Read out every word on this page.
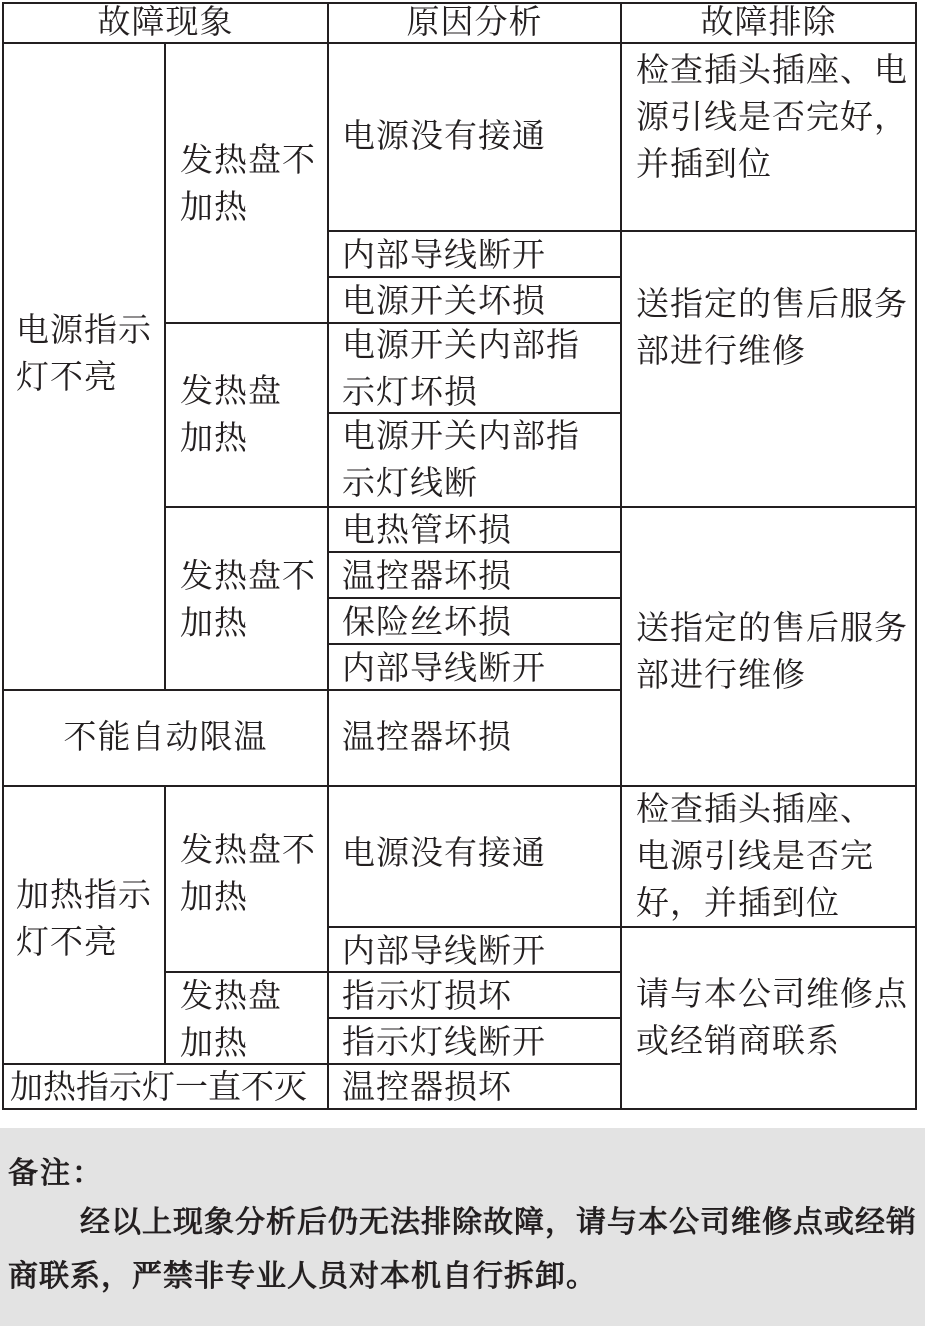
故障现象	原因分析	故障排除
电源指示灯不亮
不能自动限温
加热指示灯不亮
加热指示灯一直不灭
发热盘不加热
发热盘加热
发热盘不加热
发热盘不加热
发热盘加热
电源没有接通
内部导线断开
电源开关坏损
电源开关内部指示灯坏损
电源开关内部指示灯线断
电热管坏损
温控器坏损
保险丝坏损
内部导线断开
温控器坏损
电源没有接通
内部导线断开
指示灯损坏
指示灯线断开
温控器损坏
检查插头插座、电源引线是否完好，并插到位
送指定的售后服务部进行维修
送指定的售后服务部进行维修
检查插头插座、电源引线是否完好，并插到位
请与本公司维修点或经销商联系
备注：
经以上现象分析后仍无法排除故障，请与本公司维修点或经销商联系，严禁非专业人员对本机自行拆卸。
